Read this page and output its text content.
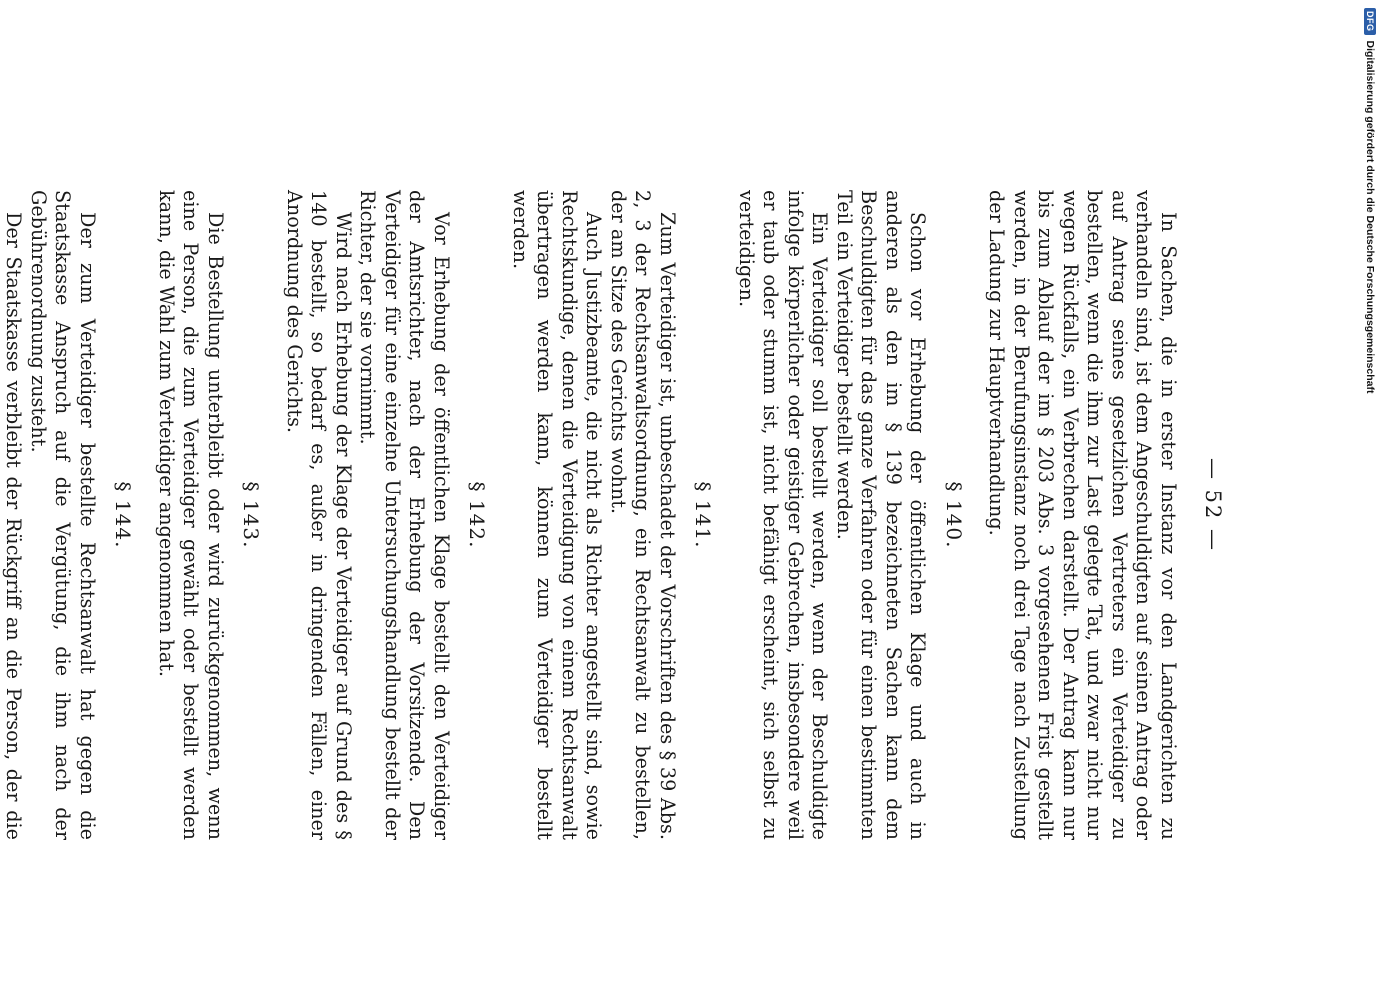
— 52 —

In Sachen, die in erster Instanz vor den Landgerichten zu verhandeln sind, ist dem Angeschuldigten auf seinen Antrag oder auf Antrag seines gesetzlichen Vertreters ein Verteidiger zu bestellen, wenn die ihm zur Last gelegte Tat, und zwar nicht nur wegen Rückfalls, ein Verbrechen darstellt. Der Antrag kann nur bis zum Ablauf der im § 203 Abs. 3 vorgesehenen Frist gestellt werden, in der Berufungsinstanz noch drei Tage nach Zustellung der Ladung zur Hauptverhandlung.

§ 140.

Schon vor Erhebung der öffentlichen Klage und auch in anderen als den im § 139 bezeichneten Sachen kann dem Beschuldigten für das ganze Verfahren oder für einen bestimmten Teil ein Verteidiger bestellt werden.

Ein Verteidiger soll bestellt werden, wenn der Beschuldigte infolge körperlicher oder geistiger Gebrechen, insbesondere weil er taub oder stumm ist, nicht befähigt erscheint, sich selbst zu verteidigen.

§ 141.

Zum Verteidiger ist, unbeschadet der Vorschriften des § 39 Abs. 2, 3 der Rechtsanwaltsordnung, ein Rechtsanwalt zu bestellen, der am Sitze des Gerichts wohnt.

Auch Justizbeamte, die nicht als Richter angestellt sind, sowie Rechtskundige, denen die Verteidigung von einem Rechtsanwalt übertragen werden kann, können zum Verteidiger bestellt werden.

§ 142.

Vor Erhebung der öffentlichen Klage bestellt den Verteidiger der Amtsrichter, nach der Erhebung der Vorsitzende. Den Verteidiger für eine einzelne Untersuchungshandlung bestellt der Richter, der sie vornimmt.

Wird nach Erhebung der Klage der Verteidiger auf Grund des § 140 bestellt, so bedarf es, außer in dringenden Fällen, einer Anordnung des Gerichts.

§ 143.

Die Bestellung unterbleibt oder wird zurückgenommen, wenn eine Person, die zum Verteidiger gewählt oder bestellt werden kann, die Wahl zum Verteidiger angenommen hat.

§ 144.

Der zum Verteidiger bestellte Rechtsanwalt hat gegen die Staatskasse Anspruch auf die Vergütung, die ihm nach der Gebührenordnung zusteht.

Der Staatskasse verbleibt der Rückgriff an die Person, der die

DFG
Digitalisierung gefördert durch die Deutsche Forschungsgemeinschaft
